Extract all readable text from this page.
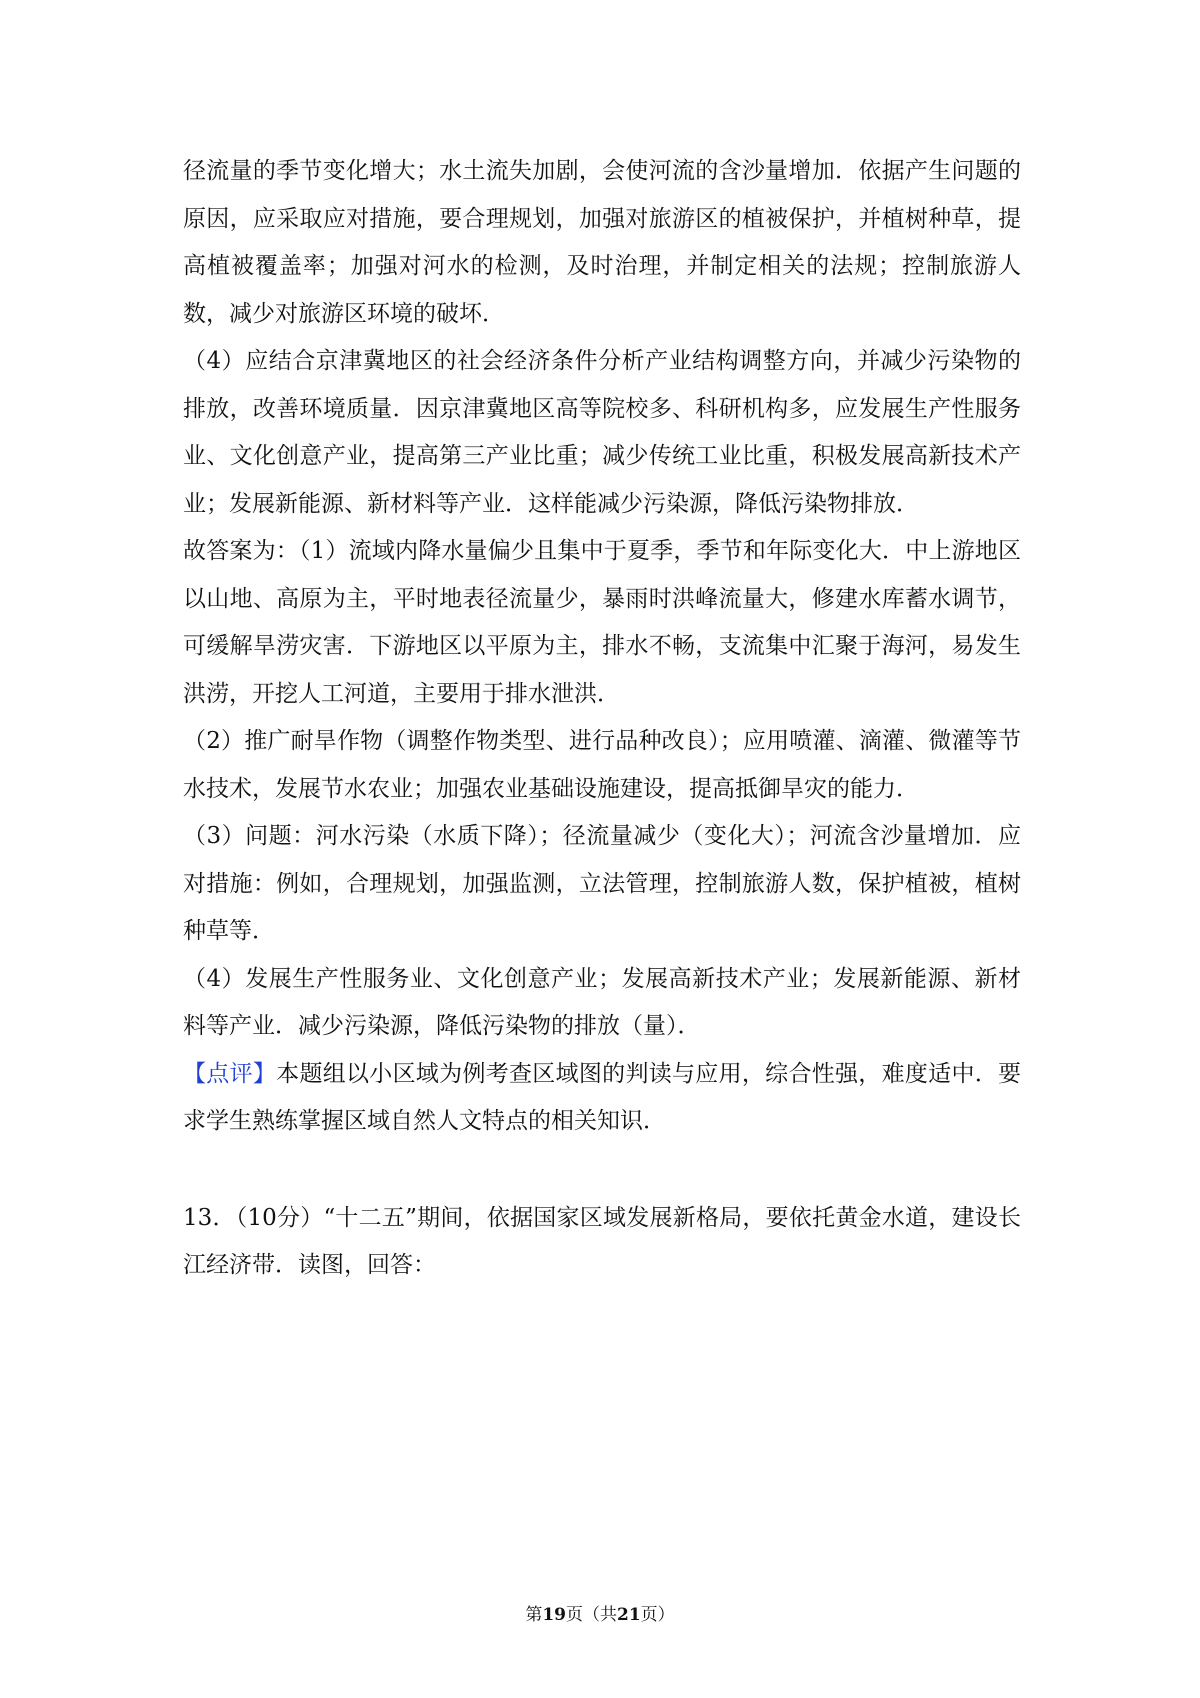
径流量的季节变化增大；水土流失加剧，会使河流的含沙量增加．依据产生问题的原因，应采取应对措施，要合理规划，加强对旅游区的植被保护，并植树种草，提高植被覆盖率；加强对河水的检测，及时治理，并制定相关的法规；控制旅游人数，减少对旅游区环境的破坏．

（4）应结合京津冀地区的社会经济条件分析产业结构调整方向，并减少污染物的排放，改善环境质量．因京津冀地区高等院校多、科研机构多，应发展生产性服务业、文化创意产业，提高第三产业比重；减少传统工业比重，积极发展高新技术产业；发展新能源、新材料等产业．这样能减少污染源，降低污染物排放．

故答案为：（1）流域内降水量偏少且集中于夏季，季节和年际变化大．中上游地区以山地、高原为主，平时地表径流量少，暴雨时洪峰流量大，修建水库蓄水调节，可缓解旱涝灾害．下游地区以平原为主，排水不畅，支流集中汇聚于海河，易发生洪涝，开挖人工河道，主要用于排水泄洪．

（2）推广耐旱作物（调整作物类型、进行品种改良）；应用喷灌、滴灌、微灌等节水技术，发展节水农业；加强农业基础设施建设，提高抵御旱灾的能力．

（3）问题：河水污染（水质下降）；径流量减少（变化大）；河流含沙量增加．应对措施：例如，合理规划，加强监测，立法管理，控制旅游人数，保护植被，植树种草等．

（4）发展生产性服务业、文化创意产业；发展高新技术产业；发展新能源、新材料等产业．减少污染源，降低污染物的排放（量）．

【点评】本题组以小区域为例考查区域图的判读与应用，综合性强，难度适中．要求学生熟练掌握区域自然人文特点的相关知识．

13．（10分）“十二五”期间，依据国家区域发展新格局，要依托黄金水道，建设长江经济带．读图，回答：

第19页（共21页）
